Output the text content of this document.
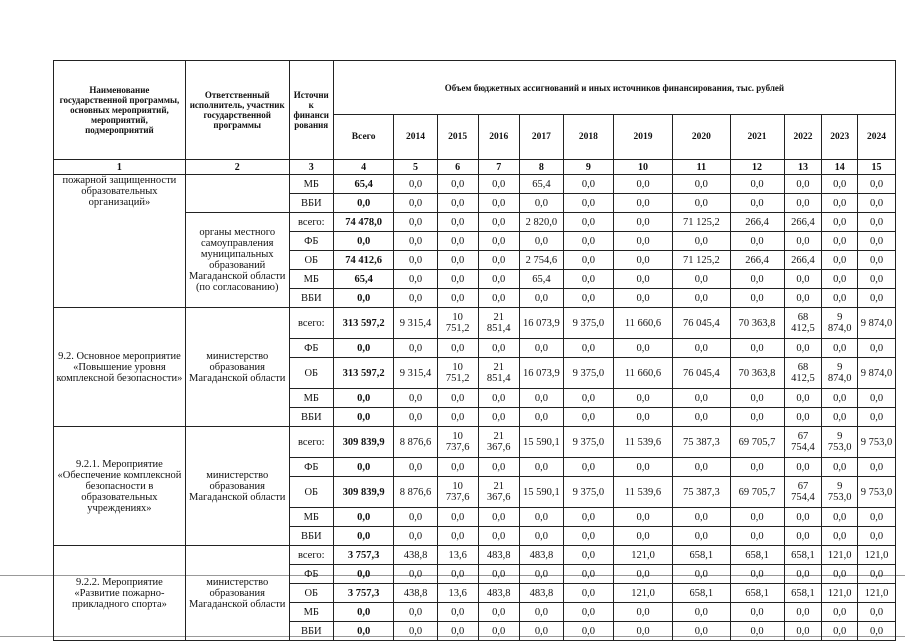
Наименование государственной программы, основных мероприятий, мероприятий, подмероприятий	Ответственный исполнитель, участник государственной программы	Источник финанси рования	Объем бюджетных ассигнований и иных источников финансирования, тыс. рублей											
			Всего	2014	2015	2016	2017	2018	2019	2020	2021	2022	2023	2024
1	2	3	4	5	6	7	8	9	10	11	12	13	14	15
пожарной защищенности образовательных организаций»		МБ	65,4	0,0	0,0	0,0	65,4	0,0	0,0	0,0	0,0	0,0	0,0	0,0
		ВБИ	0,0	0,0	0,0	0,0	0,0	0,0	0,0	0,0	0,0	0,0	0,0	0,0
	органы местного самоуправления муниципальных образований Магаданской области (по согласованию)	всего:	74 478,0	0,0	0,0	0,0	2 820,0	0,0	0,0	71 125,2	266,4	266,4	0,0	0,0
		ФБ	0,0	0,0	0,0	0,0	0,0	0,0	0,0	0,0	0,0	0,0	0,0	0,0
		ОБ	74 412,6	0,0	0,0	0,0	2 754,6	0,0	0,0	71 125,2	266,4	266,4	0,0	0,0
		МБ	65,4	0,0	0,0	0,0	65,4	0,0	0,0	0,0	0,0	0,0	0,0	0,0
		ВБИ	0,0	0,0	0,0	0,0	0,0	0,0	0,0	0,0	0,0	0,0	0,0	0,0
9.2. Основное мероприятие «Повышение уровня комплексной безопасности»	министерство образования Магаданской области	всего:	313 597,2	9 315,4	10 751,2	21 851,4	16 073,9	9 375,0	11 660,6	76 045,4	70 363,8	68 412,5	9 874,0	9 874,0
		ФБ	0,0	0,0	0,0	0,0	0,0	0,0	0,0	0,0	0,0	0,0	0,0	0,0
		ОБ	313 597,2	9 315,4	10 751,2	21 851,4	16 073,9	9 375,0	11 660,6	76 045,4	70 363,8	68 412,5	9 874,0	9 874,0
		МБ	0,0	0,0	0,0	0,0	0,0	0,0	0,0	0,0	0,0	0,0	0,0	0,0
		ВБИ	0,0	0,0	0,0	0,0	0,0	0,0	0,0	0,0	0,0	0,0	0,0	0,0
9.2.1. Мероприятие «Обеспечение комплексной безопасности в образовательных учреждениях»	министерство образования Магаданской области	всего:	309 839,9	8 876,6	10 737,6	21 367,6	15 590,1	9 375,0	11 539,6	75 387,3	69 705,7	67 754,4	9 753,0	9 753,0
		ФБ	0,0	0,0	0,0	0,0	0,0	0,0	0,0	0,0	0,0	0,0	0,0	0,0
		ОБ	309 839,9	8 876,6	10 737,6	21 367,6	15 590,1	9 375,0	11 539,6	75 387,3	69 705,7	67 754,4	9 753,0	9 753,0
		МБ	0,0	0,0	0,0	0,0	0,0	0,0	0,0	0,0	0,0	0,0	0,0	0,0
		ВБИ	0,0	0,0	0,0	0,0	0,0	0,0	0,0	0,0	0,0	0,0	0,0	0,0
9.2.2. Мероприятие «Развитие пожарно-прикладного спорта»	министерство образования Магаданской области	всего:	3 757,3	438,8	13,6	483,8	483,8	0,0	121,0	658,1	658,1	658,1	121,0	121,0
		ФБ	0,0	0,0	0,0	0,0	0,0	0,0	0,0	0,0	0,0	0,0	0,0	0,0
		ОБ	3 757,3	438,8	13,6	483,8	483,8	0,0	121,0	658,1	658,1	658,1	121,0	121,0
		МБ	0,0	0,0	0,0	0,0	0,0	0,0	0,0	0,0	0,0	0,0	0,0	0,0
		ВБИ	0,0	0,0	0,0	0,0	0,0	0,0	0,0	0,0	0,0	0,0	0,0	0,0
